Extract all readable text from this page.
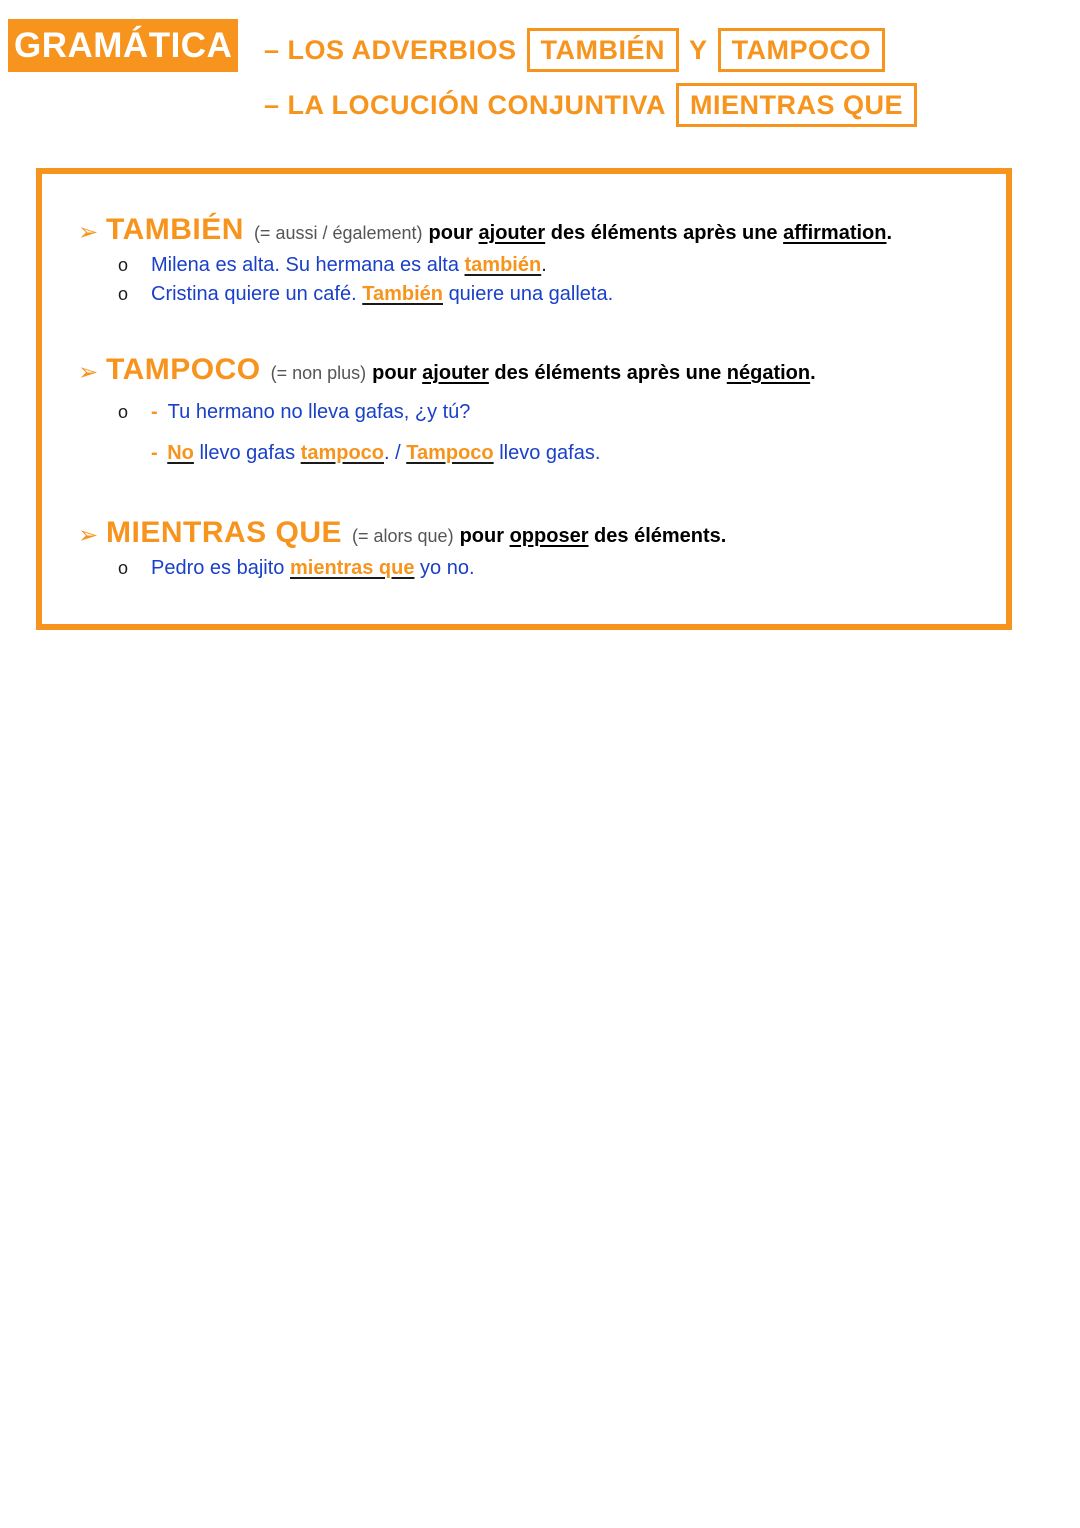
GRAMÁTICA – LOS ADVERBIOS TAMBIÉN Y TAMPOCO
– LA LOCUCIÓN CONJUNTIVA MIENTRAS QUE
➢ TAMBIÉN (= aussi / également) pour
ajouter
des éléments après une
affirmation .
o	Milena es alta. Su hermana es alta
también .
o	Cristina quiere un café.
También
quiere una galleta.
➢ TAMPOCO (= non plus) pour
ajouter
des éléments après une
négation .
o	- Tu hermano no lleva gafas, ¿y tú?
- No llevo gafas tampoco. / Tampoco llevo gafas.
➢ MIENTRAS QUE (= alors que) pour
opposer
des éléments.
o	Pedro es bajito
mientras que
yo no.
